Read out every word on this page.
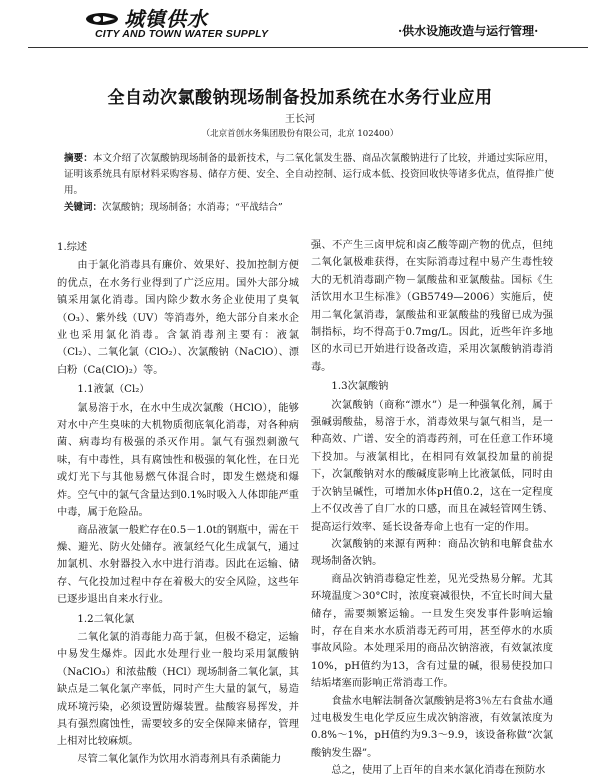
城镇供水
CITY AND TOWN WATER SUPPLY	·供水设施改造与运行管理·
全自动次氯酸钠现场制备投加系统在水务行业应用
王长河
（北京首创水务集团股份有限公司，北京 102400）
摘要：本文介绍了次氯酸钠现场制备的最新技术，与二氧化氯发生器、商品次氯酸钠进行了比较，并通过实际应用，证明该系统具有原材料采购容易、储存方便、安全、全自动控制、运行成本低、投资回收快等诸多优点，值得推广使用。
关键词：次氯酸钠；现场制备；水消毒；“平战结合”

1.综述

由于氯化消毒具有廉价、效果好、投加控制方便的优点，在水务行业得到了广泛应用。国外大部分城镇采用氯化消毒。国内除少数水务企业使用了臭氧（O₃）、紫外线（UV）等消毒外，绝大部分自来水企业也采用氯化消毒。含氯消毒剂主要有：液氯（Cl₂）、二氧化氯（ClO₂）、次氯酸钠（NaClO）、漂白粉（Ca(ClO)₂）等。

1.1液氯（Cl₂）

氯易溶于水，在水中生成次氯酸（HClO），能够对水中产生臭味的大机物质彻底氧化消毒，对各种病菌、病毒均有极强的杀灭作用。氯气有强烈刺激气味，有中毒性，具有腐蚀性和极强的氧化性，在日光或灯光下与其他易燃气体混合时，即发生燃烧和爆炸。空气中的氯气含量达到0.1%时吸入人体即能严重中毒，属于危险品。

商品液氯一般贮存在0.5－1.0t的钢瓶中，需在干燥、避光、防火处储存。液氯经气化生成氯气，通过加氯机、水射器投入水中进行消毒。因此在运输、储存、气化投加过程中存在着极大的安全风险，这些年已逐步退出自来水行业。

1.2二氧化氯

二氧化氯的消毒能力高于氯，但极不稳定，运输中易发生爆炸。因此水处理行业一般均采用氯酸钠（NaClO₃）和浓盐酸（HCl）现场制备二氧化氯，其缺点是二氧化氯产率低，同时产生大量的氯气，易造成环境污染，必须设置防爆装置。盐酸容易挥发，并具有强烈腐蚀性，需要较多的安全保障来储存，管理上相对比较麻烦。

尽管二氧化氯作为饮用水消毒剂具有杀菌能力

强、不产生三卤甲烷和卤乙酸等副产物的优点，但纯二氧化氯极难获得，在实际消毒过程中易产生毒性较大的无机消毒副产物－氯酸盐和亚氯酸盐。国标《生活饮用水卫生标准》（GB5749—2006）实施后，使用二氧化氯消毒，氯酸盐和亚氯酸盐的残留已成为强制指标，均不得高于0.7mg/L。因此，近些年许多地区的水司已开始进行设备改造，采用次氯酸钠消毒消毒。

1.3次氯酸钠

次氯酸钠（商称“漂水”）是一种强氧化剂，属于强碱弱酸盐，易溶于水，消毒效果与氯气相当，是一种高效、广谱、安全的消毒药剂，可在任意工作环境下投加。与液氯相比，在相同有效氯投加量的前提下，次氯酸钠对水的酸碱度影响上比液氯低，同时由于次钠呈碱性，可增加水体pH值0.2，这在一定程度上不仅改善了自厂水的口感，而且在减轻管网生锈、提高运行效率、延长设备寿命上也有一定的作用。

次氯酸钠的来源有两种：商品次钠和电解食盐水现场制备次钠。

商品次钠消毒稳定性差，见光受热易分解。尤其环境温度＞30°C时，浓度衰减很快，不宜长时间大量储存，需要频繁运输。一旦发生突发事件影响运输时，存在自来水水质消毒无药可用，甚至停水的水质事故风险。本处理采用的商品次钠溶液，有效氯浓度10%，pH值约为13，含有过量的碱，很易使投加口结垢堵塞而影响正常消毒工作。

食盐水电解法制备次氯酸钠是将3％左右食盐水通过电极发生电化学反应生成次钠溶液，有效氯浓度为0.8%～1%，pH值约为9.3～9.9，该设备称做“次氯酸钠发生器”。

总之，使用了上百年的自来水氯化消毒在预防水
